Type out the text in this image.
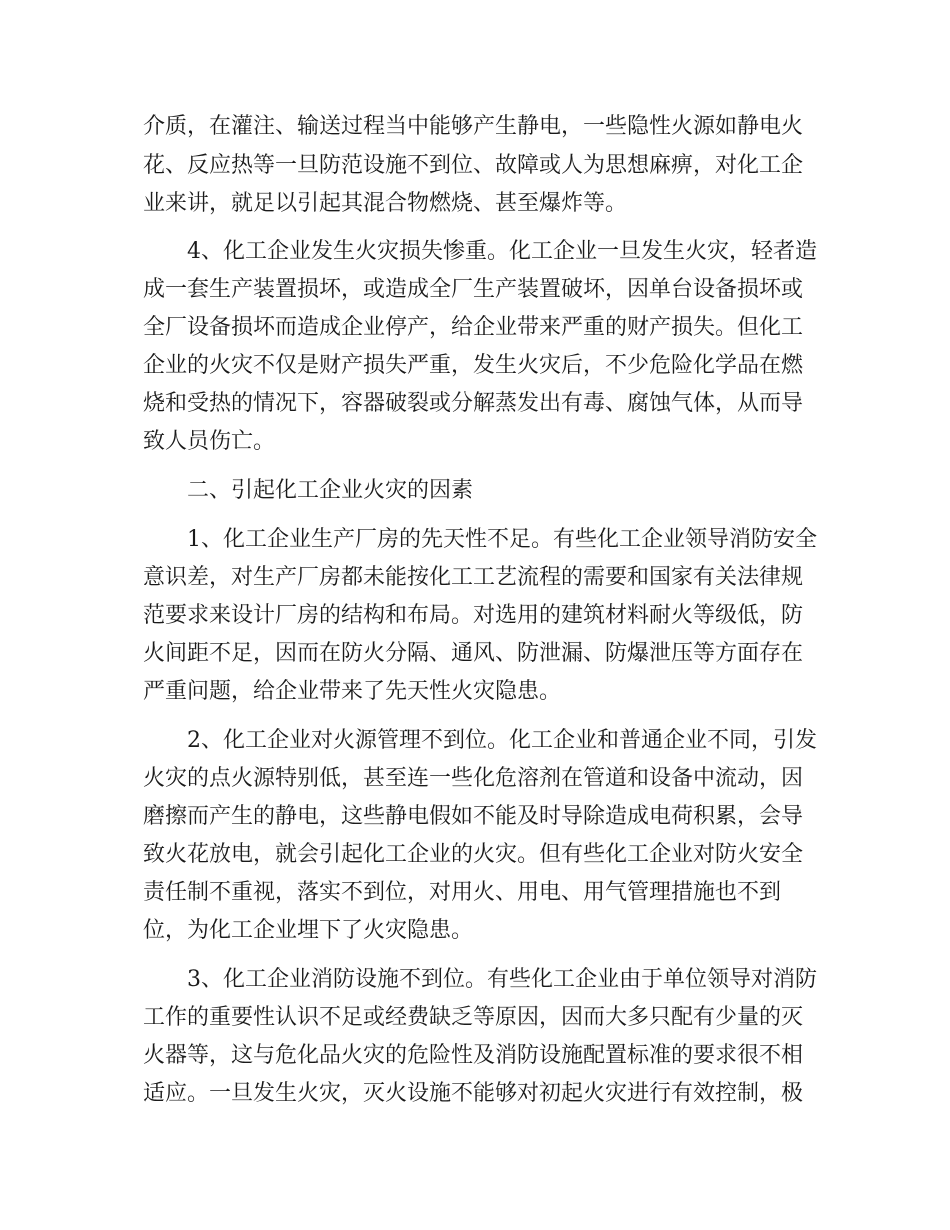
介质，在灌注、输送过程当中能够产生静电，一些隐性火源如静电火
花、反应热等一旦防范设施不到位、故障或人为思想麻痹，对化工企
业来讲，就足以引起其混合物燃烧、甚至爆炸等。
4、化工企业发生火灾损失惨重。化工企业一旦发生火灾，轻者造
成一套生产装置损坏，或造成全厂生产装置破坏，因单台设备损坏或
全厂设备损坏而造成企业停产，给企业带来严重的财产损失。但化工
企业的火灾不仅是财产损失严重，发生火灾后，不少危险化学品在燃
烧和受热的情况下，容器破裂或分解蒸发出有毒、腐蚀气体，从而导
致人员伤亡。
二、引起化工企业火灾的因素
1、化工企业生产厂房的先天性不足。有些化工企业领导消防安全
意识差，对生产厂房都未能按化工工艺流程的需要和国家有关法律规
范要求来设计厂房的结构和布局。对选用的建筑材料耐火等级低，防
火间距不足，因而在防火分隔、通风、防泄漏、防爆泄压等方面存在
严重问题，给企业带来了先天性火灾隐患。
2、化工企业对火源管理不到位。化工企业和普通企业不同，引发
火灾的点火源特别低，甚至连一些化危溶剂在管道和设备中流动，因
磨擦而产生的静电，这些静电假如不能及时导除造成电荷积累，会导
致火花放电，就会引起化工企业的火灾。但有些化工企业对防火安全
责任制不重视，落实不到位，对用火、用电、用气管理措施也不到
位，为化工企业埋下了火灾隐患。
3、化工企业消防设施不到位。有些化工企业由于单位领导对消防
工作的重要性认识不足或经费缺乏等原因，因而大多只配有少量的灭
火器等，这与危化品火灾的危险性及消防设施配置标准的要求很不相
适应。一旦发生火灾，灭火设施不能够对初起火灾进行有效控制，极
